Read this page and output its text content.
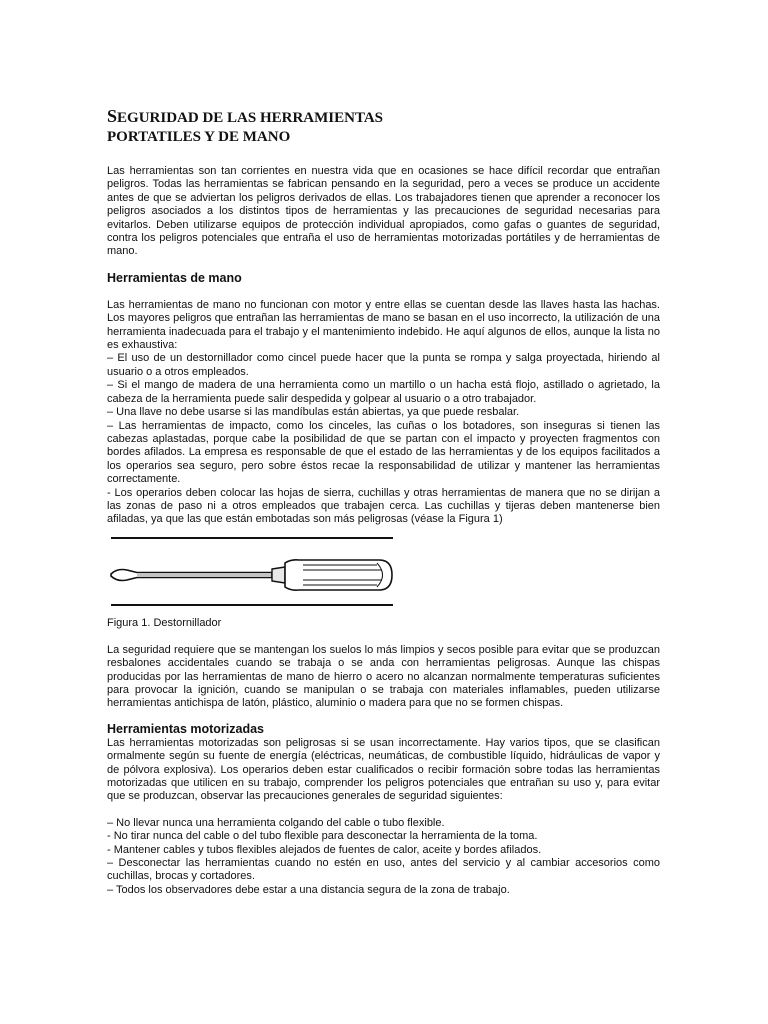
SEGURIDAD DE LAS HERRAMIENTAS
PORTATILES Y DE MANO

Las herramientas son tan corrientes en nuestra vida que en ocasiones se hace difícil recordar que entrañan peligros. Todas las herramientas se fabrican pensando en la seguridad, pero a veces se produce un accidente antes de que se adviertan los peligros derivados de ellas. Los trabajadores tienen que aprender a reconocer los peligros asociados a los distintos tipos de herramientas y las precauciones de seguridad necesarias para evitarlos. Deben utilizarse equipos de protección individual apropiados, como gafas o guantes de seguridad, contra los peligros potenciales que entraña el uso de herramientas motorizadas portátiles y de herramientas de mano.

Herramientas de mano

Las herramientas de mano no funcionan con motor y entre ellas se cuentan desde las llaves hasta las hachas. Los mayores peligros que entrañan las herramientas de mano se basan en el uso incorrecto, la utilización de una herramienta inadecuada para el trabajo y el mantenimiento indebido. He aquí algunos de ellos, aunque la lista no es exhaustiva:

– El uso de un destornillador como cincel puede hacer que la punta se rompa y salga proyectada, hiriendo al usuario o a otros empleados.
– Si el mango de madera de una herramienta como un martillo o un hacha está flojo, astillado o agrietado, la cabeza de la herramienta puede salir despedida y golpear al usuario o a otro trabajador.
– Una llave no debe usarse si las mandíbulas están abiertas, ya que puede resbalar.
– Las herramientas de impacto, como los cinceles, las cuñas o los botadores, son inseguras si tienen las cabezas aplastadas, porque cabe la posibilidad de que se partan con el impacto y proyecten fragmentos con bordes afilados. La empresa es responsable de que el estado de las herramientas y de los equipos facilitados a los operarios sea seguro, pero sobre éstos recae la responsabilidad de utilizar y mantener las herramientas correctamente.
- Los operarios deben colocar las hojas de sierra, cuchillas y otras herramientas de manera que no se dirijan a las zonas de paso ni a otros empleados que trabajen cerca. Las cuchillas y tijeras deben mantenerse bien afiladas, ya que las que están embotadas son más peligrosas (véase la Figura 1)

Figura 1. Destornillador

La seguridad requiere que se mantengan los suelos lo más limpios y secos posible para evitar que se produzcan resbalones accidentales cuando se trabaja o se anda con herramientas peligrosas. Aunque las chispas producidas por las herramientas de mano de hierro o acero no alcanzan normalmente temperaturas suficientes para provocar la ignición, cuando se manipulan o se trabaja con materiales inflamables, pueden utilizarse herramientas antichispa de latón, plástico, aluminio o madera para que no se formen chispas.

Herramientas motorizadas

Las herramientas motorizadas son peligrosas si se usan incorrectamente. Hay varios tipos, que se clasifican ormalmente según su fuente de energía (eléctricas, neumáticas, de combustible líquido, hidráulicas de vapor y de pólvora explosiva). Los operarios deben estar cualificados o recibir formación sobre todas las herramientas motorizadas que utilicen en su trabajo, comprender los peligros potenciales que entrañan su uso y, para evitar que se produzcan, observar las precauciones generales de seguridad siguientes:

– No llevar nunca una herramienta colgando del cable o tubo flexible.
- No tirar nunca del cable o del tubo flexible para desconectar la herramienta de la toma.
- Mantener cables y tubos flexibles alejados de fuentes de calor, aceite y bordes afilados.
– Desconectar las herramientas cuando no estén en uso, antes del servicio y al cambiar accesorios como cuchillas, brocas y cortadores.
– Todos los observadores debe estar a una distancia segura de la zona de trabajo.
